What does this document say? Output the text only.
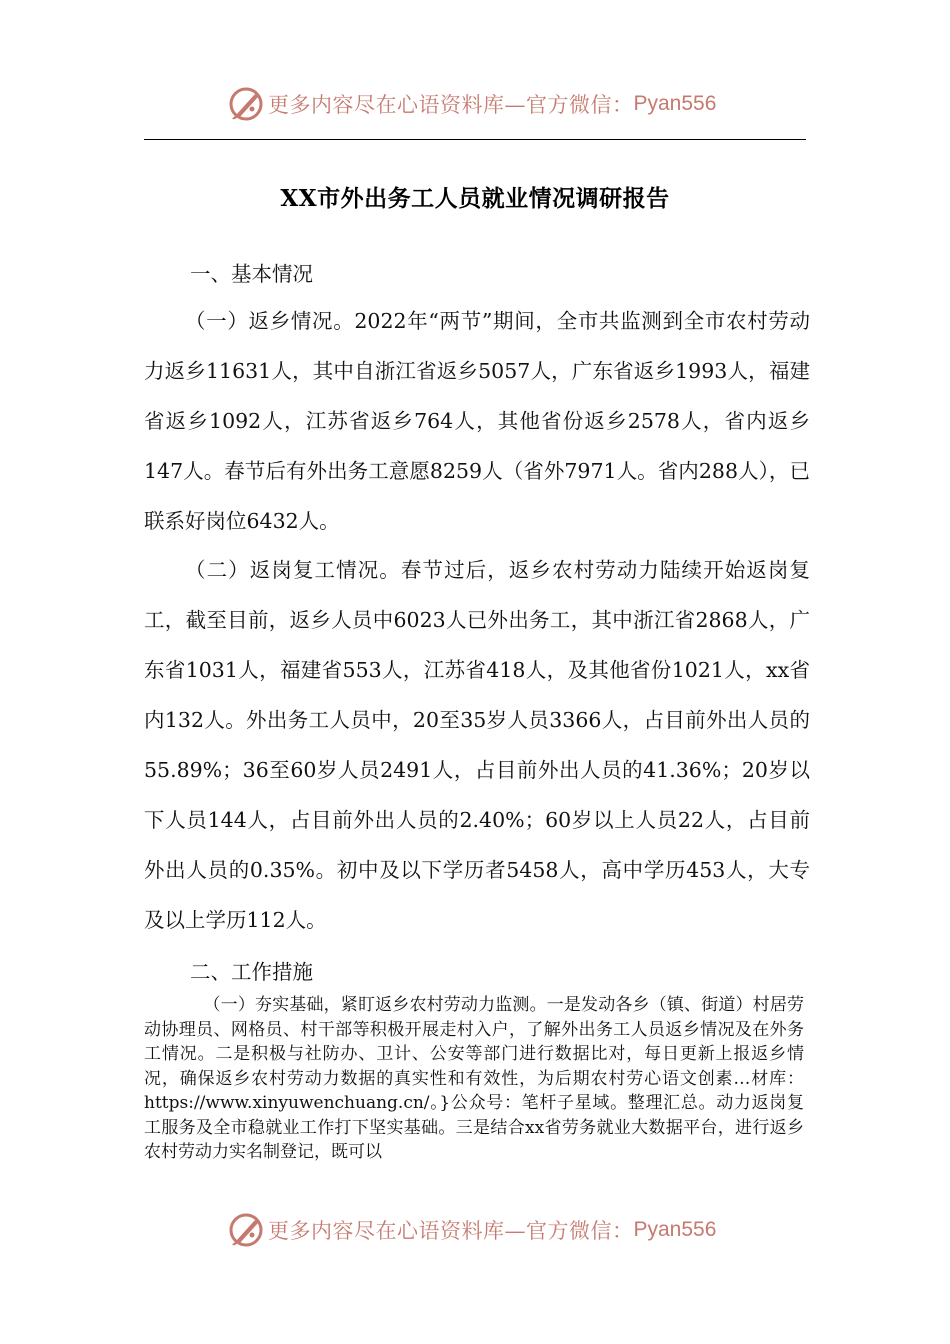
更多内容尽在心语资料库—官方微信： Pyan556
XX市外出务工人员就业情况调研报告
一、基本情况

（一）返乡情况。2022年“两节”期间，全市共监测到全市农村劳动力返乡11631人，其中自浙江省返乡5057人，广东省返乡1993人，福建省返乡1092人，江苏省返乡764人，其他省份返乡2578人，省内返乡147人。春节后有外出务工意愿8259人（省外7971人。省内288人），已联系好岗位6432人。

（二）返岗复工情况。春节过后，返乡农村劳动力陆续开始返岗复工，截至目前，返乡人员中6023人已外出务工，其中浙江省2868人，广东省1031人，福建省553人，江苏省418人，及其他省份1021人，xx省内132人。外出务工人员中，20至35岁人员3366人，占目前外出人员的55.89%；36至60岁人员2491人，占目前外出人员的41.36%；20岁以下人员144人，占目前外出人员的2.40%；60岁以上人员22人，占目前外出人员的0.35%。初中及以下学历者5458人，高中学历453人，大专及以上学历112人。

二、工作措施

（一）夯实基础，紧盯返乡农村劳动力监测。一是发动各乡（镇、街道）村居劳动协理员、网格员、村干部等积极开展走村入户，了解外出务工人员返乡情况及在外务工情况。二是积极与社防办、卫计、公安等部门进行数据比对，每日更新上报返乡情况，确保返乡农村劳动力数据的真实性和有效性，为后期农村劳心语文创素…材库：https://www.xinyuwenchuang.cn/。}公众号：笔杆子星域。整理汇总。动力返岗复工服务及全市稳就业工作打下坚实基础。三是结合xx省劳务就业大数据平台，进行返乡农村劳动力实名制登记，既可以

更多内容尽在心语资料库—官方微信： Pyan556
